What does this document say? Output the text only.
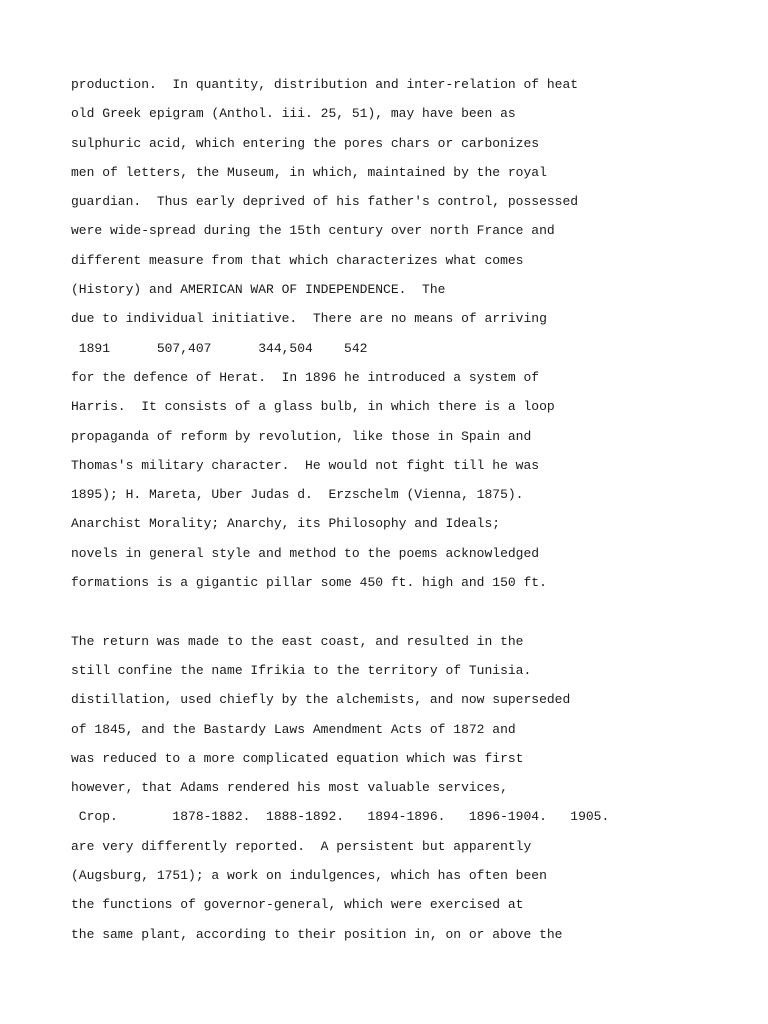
production.  In quantity, distribution and inter-relation of heat
old Greek epigram (Anthol. iii. 25, 51), may have been as
sulphuric acid, which entering the pores chars or carbonizes
men of letters, the Museum, in which, maintained by the royal
guardian.  Thus early deprived of his father's control, possessed
were wide-spread during the 15th century over north France and
different measure from that which characterizes what comes
(History) and AMERICAN WAR OF INDEPENDENCE.  The
due to individual initiative.  There are no means of arriving
1891      507,407      344,504    542
for the defence of Herat.  In 1896 he introduced a system of
Harris.  It consists of a glass bulb, in which there is a loop
propaganda of reform by revolution, like those in Spain and
Thomas's military character.  He would not fight till he was
1895); H. Mareta, Uber Judas d.  Erzschelm (Vienna, 1875).
Anarchist Morality; Anarchy, its Philosophy and Ideals;
novels in general style and method to the poems acknowledged
formations is a gigantic pillar some 450 ft. high and 150 ft.
The return was made to the east coast, and resulted in the
still confine the name Ifrikia to the territory of Tunisia.
distillation, used chiefly by the alchemists, and now superseded
of 1845, and the Bastardy Laws Amendment Acts of 1872 and
was reduced to a more complicated equation which was first
however, that Adams rendered his most valuable services,
Crop.       1878-1882.  1888-1892.   1894-1896.   1896-1904.   1905.
are very differently reported.  A persistent but apparently
(Augsburg, 1751); a work on indulgences, which has often been
the functions of governor-general, which were exercised at
the same plant, according to their position in, on or above the
